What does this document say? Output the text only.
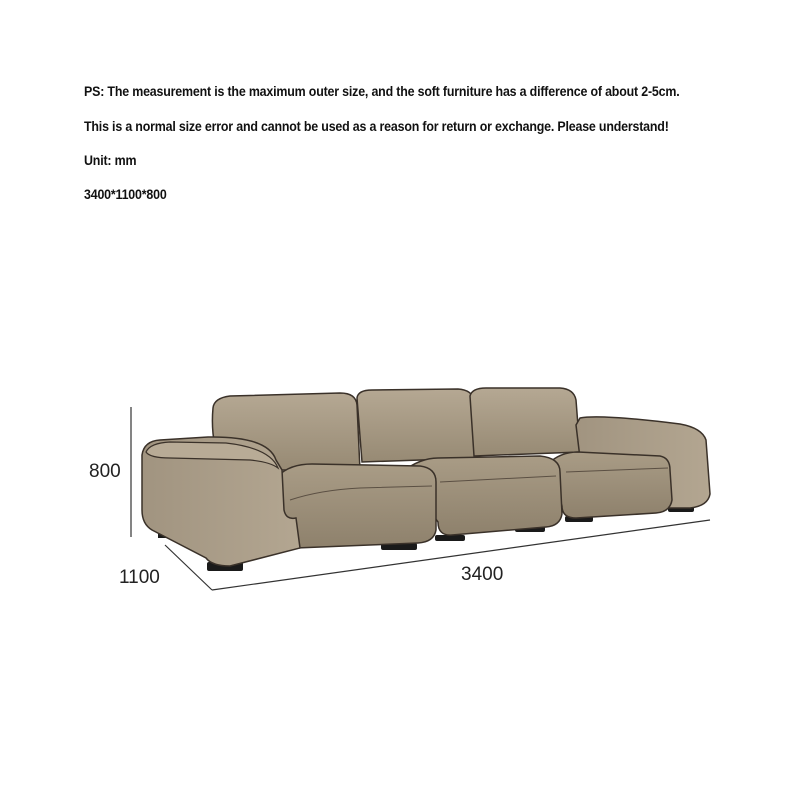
PS: The measurement is the maximum outer size, and the soft furniture has a difference of about 2-5cm.
This is a normal size error and cannot be used as a reason for return or exchange. Please understand!
Unit: mm
3400*1100*800
800
1100	3400
